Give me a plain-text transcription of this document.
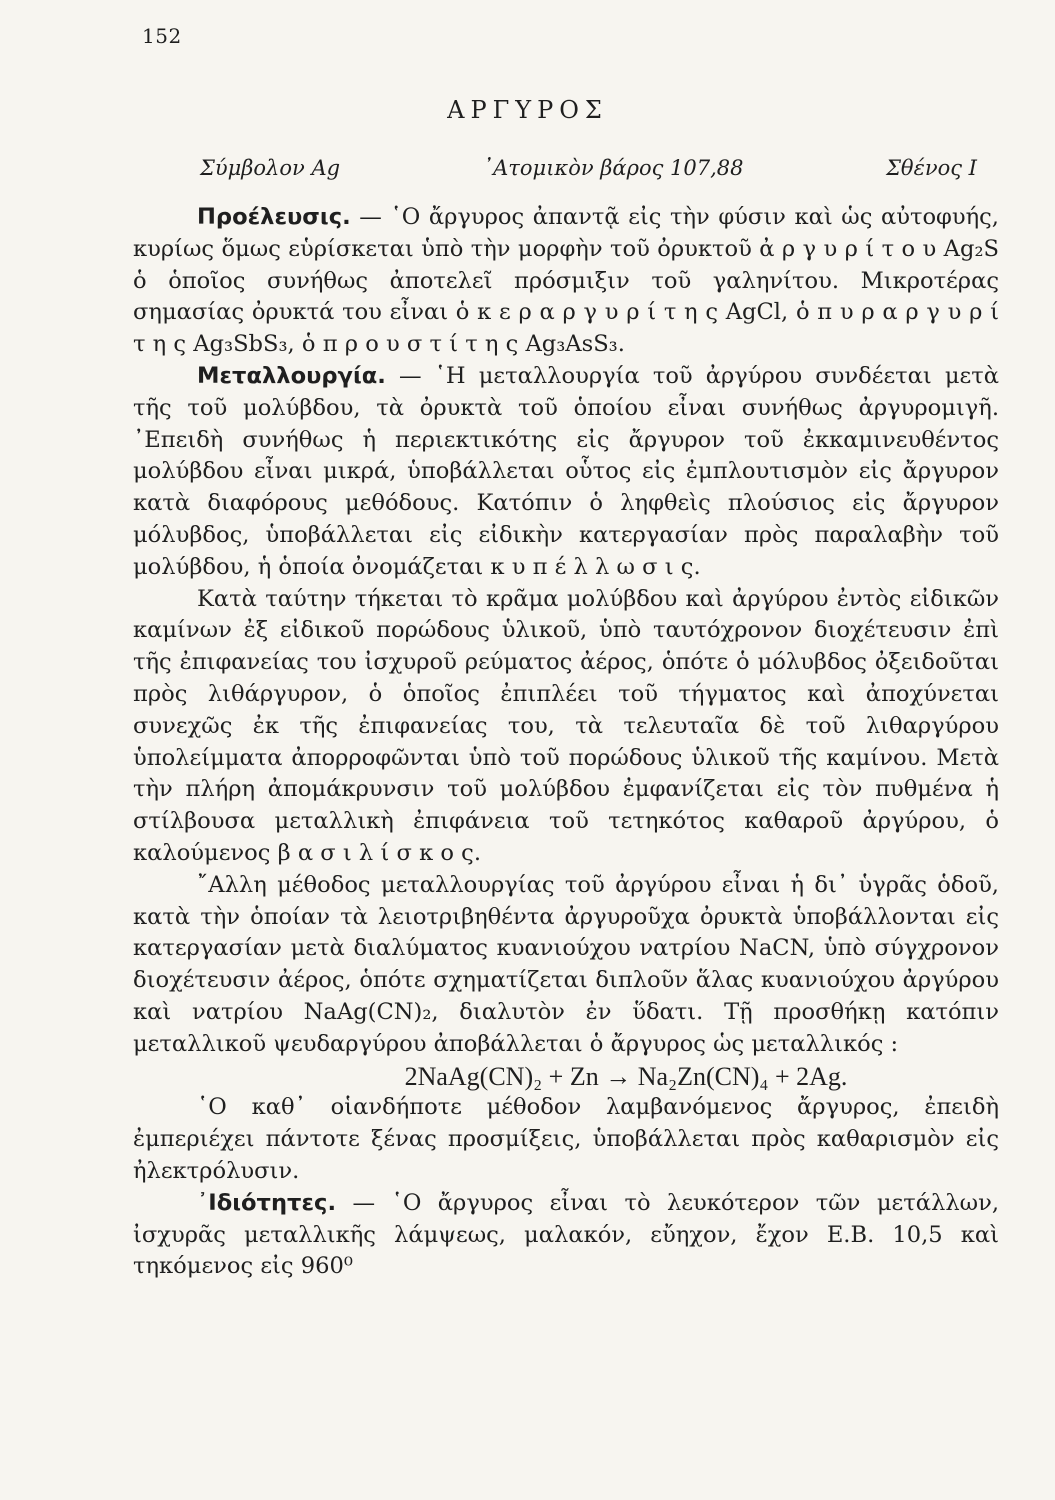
152
ΑΡΓΥΡΟΣ
Σύμβολον Ag	᾿Ατομικὸν βάρος 107,88	Σθένος I

Προέλευσις. — ῾Ο ἄργυρος ἀπαντᾷ εἰς τὴν φύσιν καὶ ὡς αὐτοφυής, κυρίως ὅμως εὑρίσκεται ὑπὸ τὴν μορφὴν τοῦ ὀρυκτοῦ ἀ ρ γ υ ρ ί τ ο υ Ag₂S ὁ ὁποῖος συνήθως ἀποτελεῖ πρόσμιξιν τοῦ γαληνίτου. Μικροτέρας σημασίας ὀρυκτά του εἶναι ὁ κ ε ρ α ρ γ υ ρ ί τ η ς AgCl, ὁ π υ ρ α ρ γ υ ρ ί τ η ς Ag₃SbS₃, ὁ π ρ ο υ σ τ ί τ η ς Ag₃AsS₃.

Μεταλλουργία. — ῾Η μεταλλουργία τοῦ ἀργύρου συνδέεται μετὰ τῆς τοῦ μολύβδου, τὰ ὀρυκτὰ τοῦ ὁποίου εἶναι συνήθως ἀργυρομιγῆ. ᾿Επειδὴ συνήθως ἡ περιεκτικότης εἰς ἄργυρον τοῦ ἐκκαμινευθέντος μολύβδου εἶναι μικρά, ὑποβάλλεται οὗτος εἰς ἐμπλουτισμὸν εἰς ἄργυρον κατὰ διαφόρους μεθόδους. Κατόπιν ὁ ληφθεὶς πλούσιος εἰς ἄργυρον μόλυβδος, ὑποβάλλεται εἰς εἰδικὴν κατεργασίαν πρὸς παραλαβὴν τοῦ μολύβδου, ἡ ὁποία ὀνομάζεται κ υ π έ λ λ ω σ ι ς.

Κατὰ ταύτην τήκεται τὸ κρᾶμα μολύβδου καὶ ἀργύρου ἐντὸς εἰδικῶν καμίνων ἐξ εἰδικοῦ πορώδους ὑλικοῦ, ὑπὸ ταυτόχρονον διοχέτευσιν ἐπὶ τῆς ἐπιφανείας του ἰσχυροῦ ρεύματος ἀέρος, ὁπότε ὁ μόλυβδος ὀξειδοῦται πρὸς λιθάργυρον, ὁ ὁποῖος ἐπιπλέει τοῦ τήγματος καὶ ἀποχύνεται συνεχῶς ἐκ τῆς ἐπιφανείας του, τὰ τελευταῖα δὲ τοῦ λιθαργύρου ὑπολείμματα ἀπορροφῶνται ὑπὸ τοῦ πορώδους ὑλικοῦ τῆς καμίνου. Μετὰ τὴν πλήρη ἀπομάκρυνσιν τοῦ μολύβδου ἐμφανίζεται εἰς τὸν πυθμένα ἡ στίλβουσα μεταλλικὴ ἐπιφάνεια τοῦ τετηκότος καθαροῦ ἀργύρου, ὁ καλούμενος β α σ ι λ ί σ κ ο ς.

῎Αλλη μέθοδος μεταλλουργίας τοῦ ἀργύρου εἶναι ἡ δι᾿ ὑγρᾶς ὁδοῦ, κατὰ τὴν ὁποίαν τὰ λειοτριβηθέντα ἀργυροῦχα ὀρυκτὰ ὑποβάλλονται εἰς κατεργασίαν μετὰ διαλύματος κυανιούχου νατρίου NaCN, ὑπὸ σύγχρονον διοχέτευσιν ἀέρος, ὁπότε σχηματίζεται διπλοῦν ἅλας κυανιούχου ἀργύρου καὶ νατρίου NaAg(CN)₂, διαλυτὸν ἐν ὕδατι. Τῇ προσθήκῃ κατόπιν μεταλλικοῦ ψευδαργύρου ἀποβάλλεται ὁ ἄργυρος ὡς μεταλλικός :

2NaAg(CN)₂ + Zn → Na₂Zn(CN)₄ + 2Ag.

῾Ο καθ᾿ οἱανδήποτε μέθοδον λαμβανόμενος ἄργυρος, ἐπειδὴ ἐμπεριέχει πάντοτε ξένας προσμίξεις, ὑποβάλλεται πρὸς καθαρισμὸν εἰς ἠλεκτρόλυσιν.

᾿Ιδιότητες. — ῾Ο ἄργυρος εἶναι τὸ λευκότερον τῶν μετάλλων, ἰσχυρᾶς μεταλλικῆς λάμψεως, μαλακόν, εὔηχον, ἔχον Ε.Β. 10,5 καὶ τηκόμενος εἰς 960⁰
